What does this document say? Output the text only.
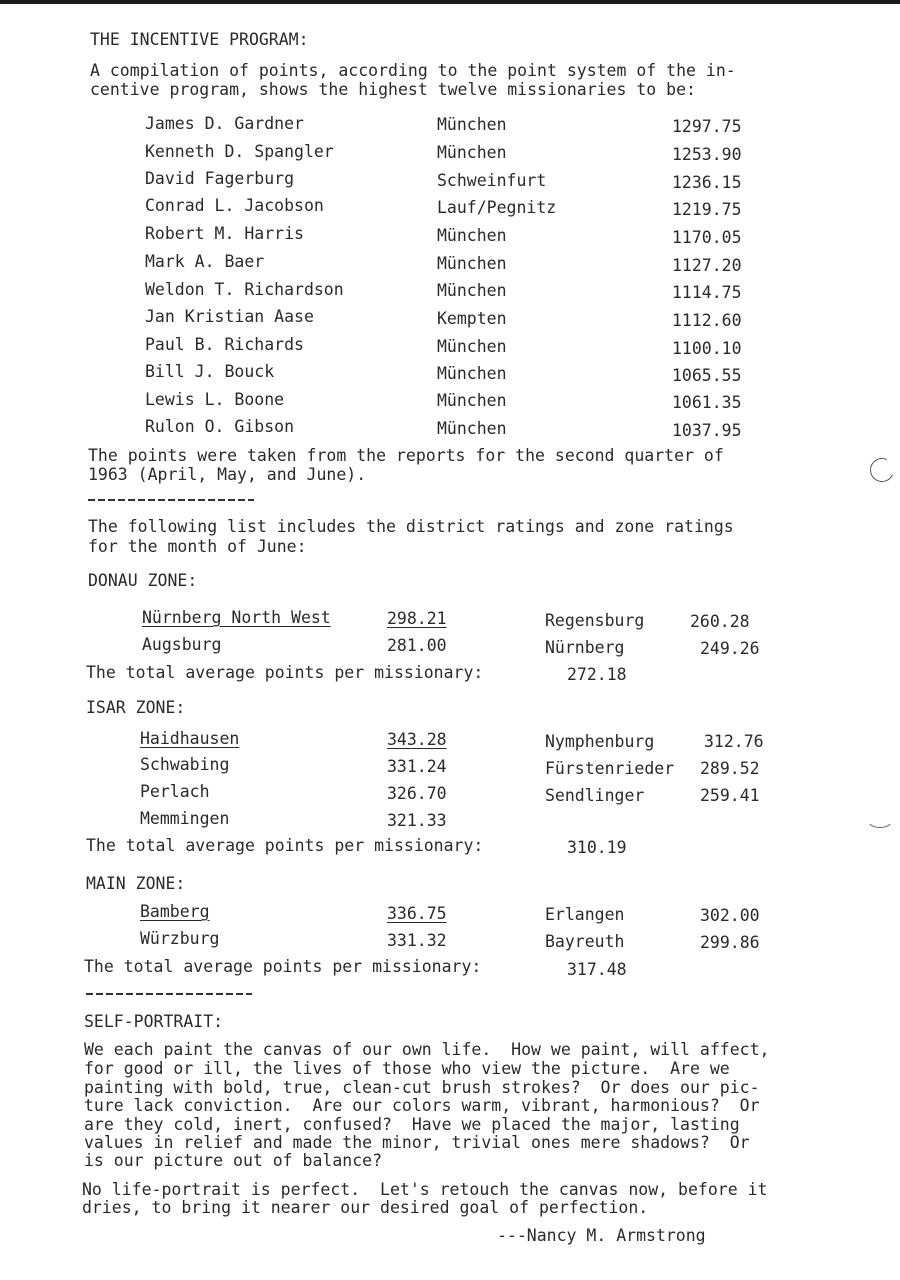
THE INCENTIVE PROGRAM:
A compilation of points, according to the point system of the in-
centive program, shows the highest twelve missionaries to be:
James D. Gardner	München	1297.75
Kenneth D. Spangler	München	1253.90
David Fagerburg	Schweinfurt	1236.15
Conrad L. Jacobson	Lauf/Pegnitz	1219.75
Robert M. Harris	München	1170.05
Mark A. Baer	München	1127.20
Weldon T. Richardson	München	1114.75
Jan Kristian Aase	Kempten	1112.60
Paul B. Richards	München	1100.10
Bill J. Bouck	München	1065.55
Lewis L. Boone	München	1061.35
Rulon O. Gibson	München	1037.95
The points were taken from the reports for the second quarter of
1963 (April, May, and June).
The following list includes the district ratings and zone ratings
for the month of June:
DONAU ZONE:
Nürnberg North West	298.21	Regensburg	260.28
Augsburg	281.00	Nürnberg	249.26
The total average points per missionary:	272.18
ISAR ZONE:
Haidhausen	343.28	Nymphenburg	312.76
Schwabing	331.24	Fürstenrieder 289.52
Perlach	326.70	Sendlinger	259.41
Memmingen	321.33
The total average points per missionary:	310.19
MAIN ZONE:
Bamberg	336.75	Erlangen	302.00
Würzburg	331.32	Bayreuth	299.86
The total average points per missionary:	317.48
SELF-PORTRAIT:
We each paint the canvas of our own life.  How we paint, will affect,
for good or ill, the lives of those who view the picture.  Are we
painting with bold, true, clean-cut brush strokes?  Or does our pic-
ture lack conviction.  Are our colors warm, vibrant, harmonious?  Or
are they cold, inert, confused?  Have we placed the major, lasting
values in relief and made the minor, trivial ones mere shadows?  Or
is our picture out of balance?
No life-portrait is perfect.  Let's retouch the canvas now, before it
dries, to bring it nearer our desired goal of perfection.
---Nancy M. Armstrong
